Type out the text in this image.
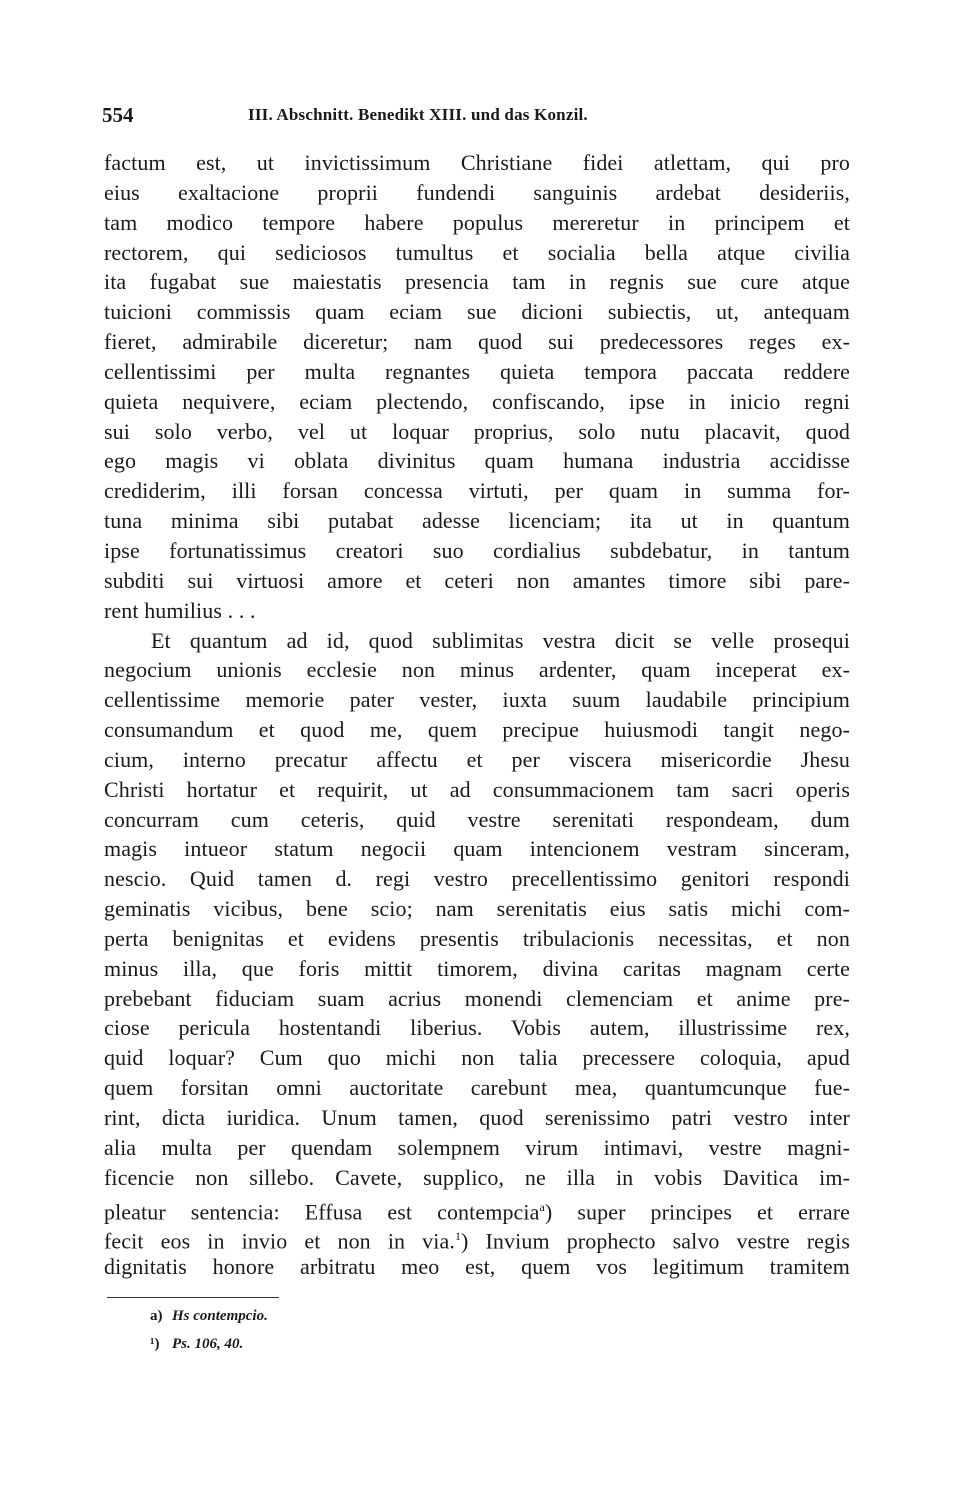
554	III. Abschnitt. Benedikt XIII. und das Konzil.
factum est, ut invictissimum Christiane fidei atlettam, qui pro
eius exaltacione proprii fundendi sanguinis ardebat desideriis,
tam modico tempore habere populus mereretur in principem et
rectorem, qui sediciosos tumultus et socialia bella atque civilia
ita fugabat sue maiestatis presencia tam in regnis sue cure atque
tuicioni commissis quam eciam sue dicioni subiectis, ut, antequam
fieret, admirabile diceretur; nam quod sui predecessores reges ex-
cellentissimi per multa regnantes quieta tempora paccata reddere
quieta nequivere, eciam plectendo, confiscando, ipse in inicio regni
sui solo verbo, vel ut loquar proprius, solo nutu placavit, quod
ego magis vi oblata divinitus quam humana industria accidisse
crediderim, illi forsan concessa virtuti, per quam in summa for-
tuna minima sibi putabat adesse licenciam; ita ut in quantum
ipse fortunatissimus creatori suo cordialius subdebatur, in tantum
subditi sui virtuosi amore et ceteri non amantes timore sibi pare-
rent humilius . . .
Et quantum ad id, quod sublimitas vestra dicit se velle prosequi
negocium unionis ecclesie non minus ardenter, quam inceperat ex-
cellentissime memorie pater vester, iuxta suum laudabile principium
consumandum et quod me, quem precipue huiusmodi tangit nego-
cium, interno precatur affectu et per viscera misericordie Jhesu
Christi hortatur et requirit, ut ad consummacionem tam sacri operis
concurram cum ceteris, quid vestre serenitati respondeam, dum
magis intueor statum negocii quam intencionem vestram sinceram,
nescio. Quid tamen d. regi vestro precellentissimo genitori respondi
geminatis vicibus, bene scio; nam serenitatis eius satis michi com-
perta benignitas et evidens presentis tribulacionis necessitas, et non
minus illa, que foris mittit timorem, divina caritas magnam certe
prebebant fiduciam suam acrius monendi clemenciam et anime pre-
ciose pericula hostentandi liberius. Vobis autem, illustrissime rex,
quid loquar? Cum quo michi non talia precessere coloquia, apud
quem forsitan omni auctoritate carebunt mea, quantumcunque fue-
rint, dicta iuridica. Unum tamen, quod serenissimo patri vestro inter
alia multa per quendam solempnem virum intimavi, vestre magni-
ficencie non sillebo. Cavete, supplico, ne illa in vobis Davitica im-
pleatur sentencia: Effusa est contempcia$^a$) super principes et errare
fecit eos in invio et non in via.$^1$) Invium prophecto salvo vestre regis
dignitatis honore arbitratu meo est, quem vos legitimum tramitem
a) Hs contempcio.
¹) Ps. 106, 40.
